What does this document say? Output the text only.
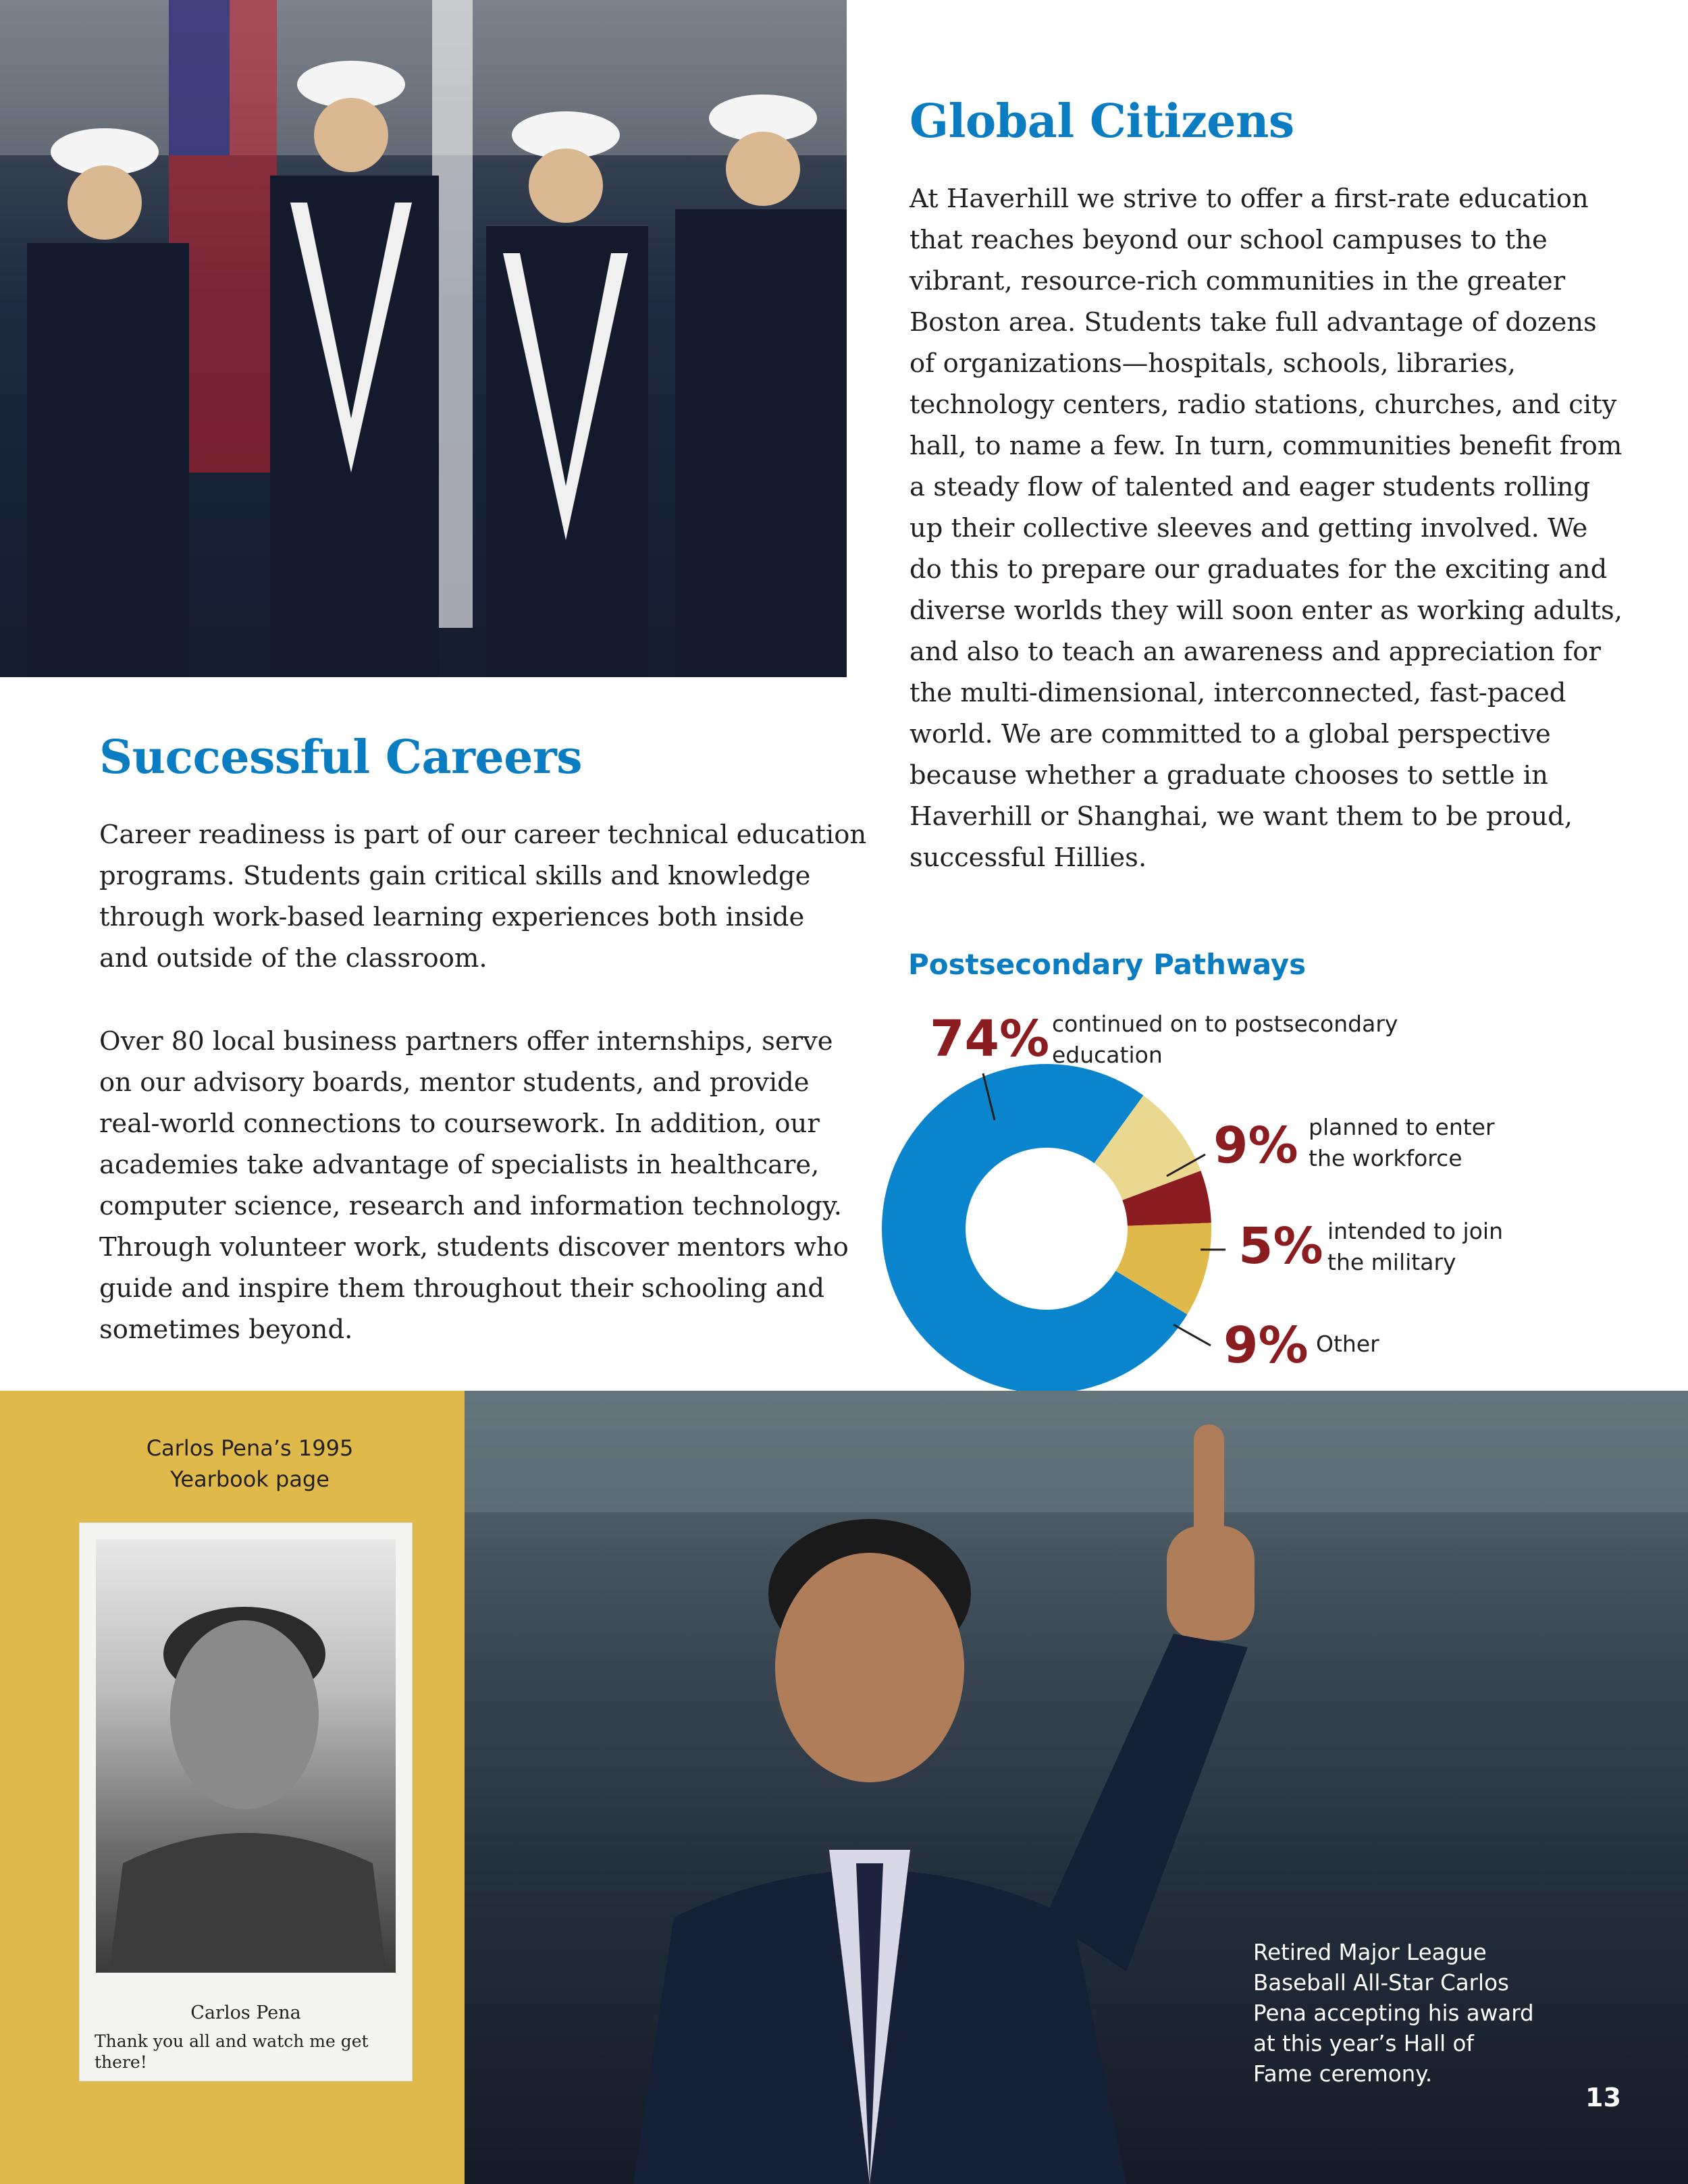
Global Citizens

At Haverhill we strive to offer a first-rate education
that reaches beyond our school campuses to the
vibrant, resource-rich communities in the greater
Boston area. Students take full advantage of dozens
of organizations—hospitals, schools, libraries,
technology centers, radio stations, churches, and city
hall, to name a few. In turn, communities benefit from
a steady flow of talented and eager students rolling
up their collective sleeves and getting involved. We
do this to prepare our graduates for the exciting and
diverse worlds they will soon enter as working adults,
and also to teach an awareness and appreciation for
the multi-dimensional, interconnected, fast-paced
world. We are committed to a global perspective
because whether a graduate chooses to settle in
Haverhill or Shanghai, we want them to be proud,
successful Hillies.

Successful Careers

Career readiness is part of our career technical education
programs. Students gain critical skills and knowledge
through work-based learning experiences both inside
and outside of the classroom.

Over 80 local business partners offer internships, serve
on our advisory boards, mentor students, and provide
real-world connections to coursework. In addition, our
academies take advantage of specialists in healthcare,
computer science, research and information technology.
Through volunteer work, students discover mentors who
guide and inspire them throughout their schooling and
sometimes beyond.

Postsecondary Pathways
74% continued on to postsecondary
education
9% planned to enter
the workforce
5% intended to join
the military
9% Other
Carlos Pena’s 1995
Yearbook page
Carlos Pena
Thank you all and watch me get there!
Retired Major League
Baseball All-Star Carlos
Pena accepting his award
at this year’s Hall of
Fame ceremony.
13
